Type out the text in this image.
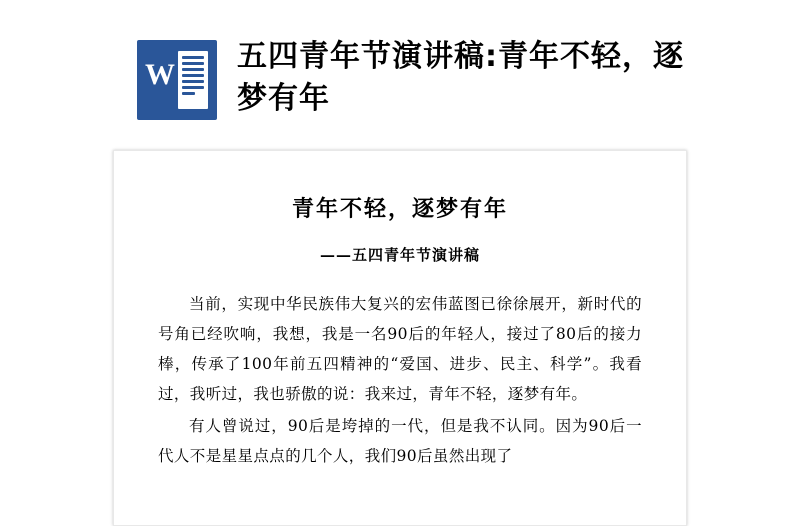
W
五四青年节演讲稿:青年不轻，逐梦有年
青年不轻，逐梦有年
——五四青年节演讲稿

当前，实现中华民族伟大复兴的宏伟蓝图已徐徐展开，新时代的号角已经吹响，我想，我是一名90后的年轻人，接过了80后的接力棒，传承了100年前五四精神的“爱国、进步、民主、科学”。我看过，我听过，我也骄傲的说：我来过，青年不轻，逐梦有年。

有人曾说过，90后是垮掉的一代，但是我不认同。因为90后一代人不是星星点点的几个人，我们90后虽然出现了
